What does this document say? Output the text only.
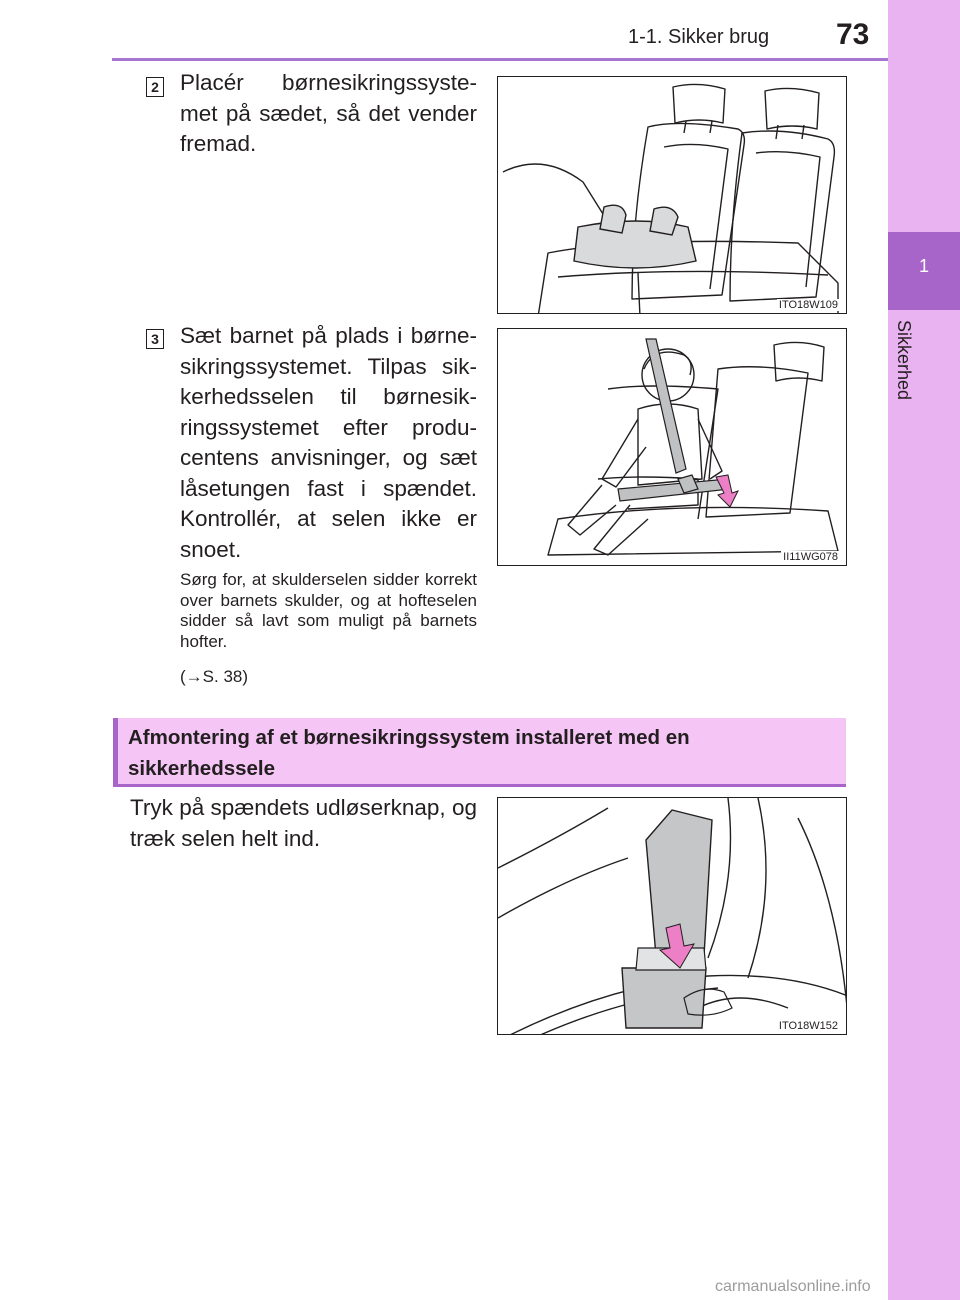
1-1. Sikker brug 73
1
Sikkerhed
2 Placér børnesikringssyste-met på sædet, så det vender fremad.
ITO18W109
3 Sæt barnet på plads i børne-sikringssystemet. Tilpas sik-kerhedsselen til børnesik-ringssystemet efter produ-centens anvisninger, og sæt låsetungen fast i spændet. Kontrollér, at selen ikke er snoet.
Sørg for, at skulderselen sidder korrekt over barnets skulder, og at hofteselen sidder så lavt som muligt på barnets hofter.
(→S. 38)
II11WG078
Afmontering af et børnesikringssystem installeret med en sikkerhedssele
Tryk på spændets udløserknap, og træk selen helt ind.
ITO18W152
carmanualsonline.info
